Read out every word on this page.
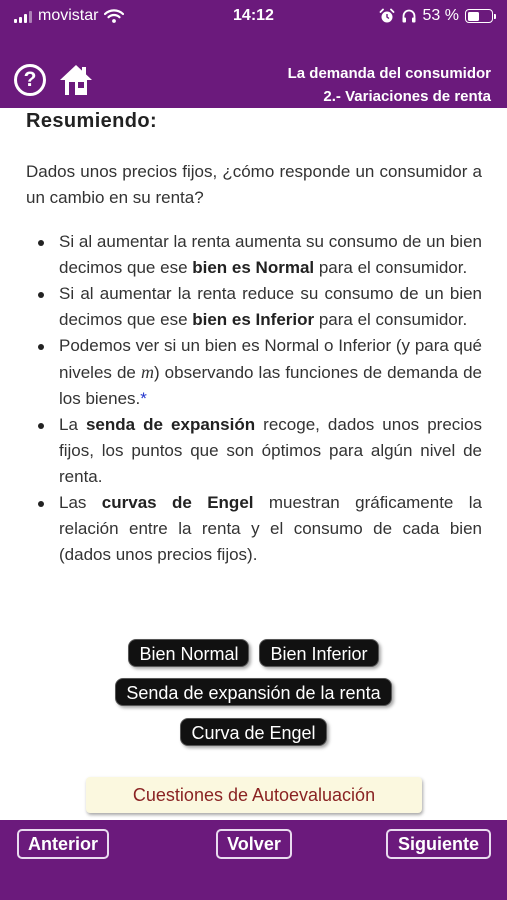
movistar	14:12	53 %
?	La demanda del consumidor
2.- Variaciones de renta
Resumiendo:

Dados unos precios fijos, ¿cómo responde un consumidor a un cambio en su renta?

Si al aumentar la renta aumenta su consumo de un bien decimos que ese bien es Normal para el consumidor.
Si al aumentar la renta reduce su consumo de un bien decimos que ese bien es Inferior para el consumidor.
Podemos ver si un bien es Normal o Inferior (y para qué niveles de m) observando las funciones de demanda de los bienes.*
La senda de expansión recoge, dados unos precios fijos, los puntos que son óptimos para algún nivel de renta.
Las curvas de Engel muestran gráficamente la relación entre la renta y el consumo de cada bien (dados unos precios fijos).
Bien Normal	Bien Inferior
Senda de expansión de la renta
Curva de Engel
Cuestiones de Autoevaluación
Anterior	Volver	Siguiente
